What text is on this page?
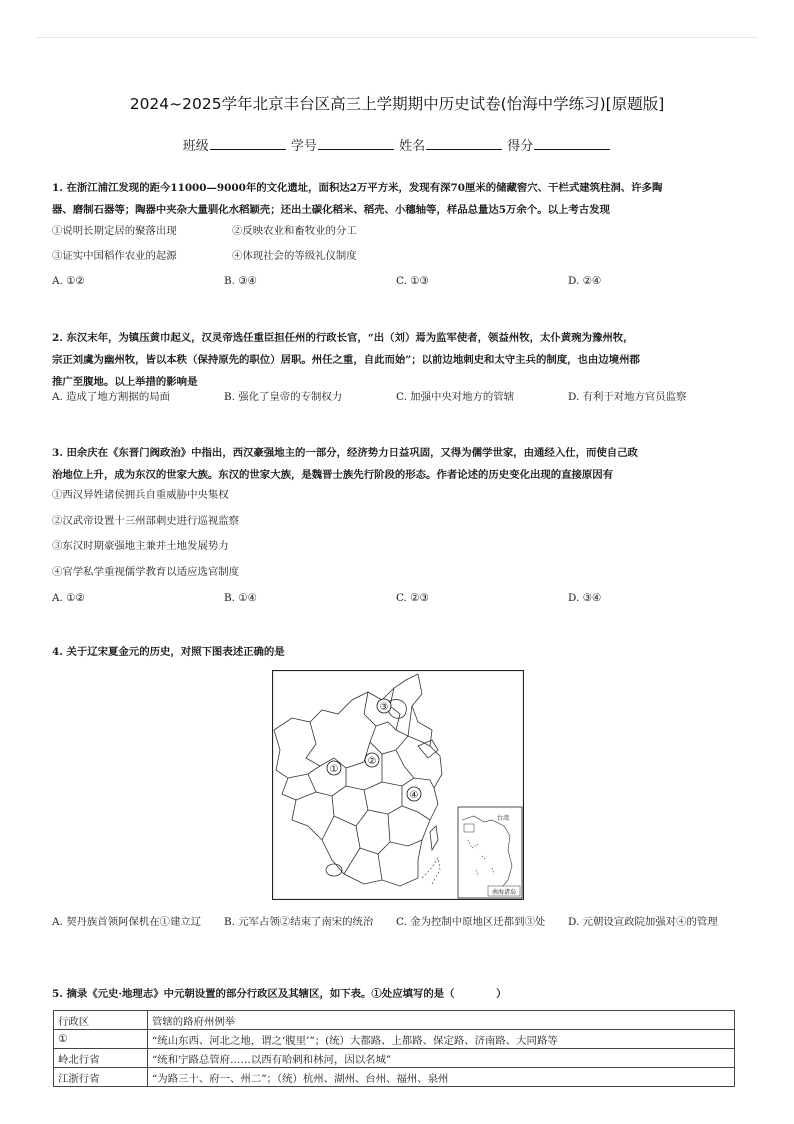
2024~2025学年北京丰台区高三上学期期中历史试卷(怡海中学练习)[原题版]
班级	学号	姓名	得分
1. 在浙江浦江发现的距今11000—9000年的文化遗址，面积达2万平方米，发现有深70厘米的储藏窖穴、干栏式建筑柱洞、许多陶
器、磨制石器等；陶器中夹杂大量驯化水稻颖壳；还出土碳化稻米、稻壳、小穗轴等，样品总量达5万余个。以上考古发现
①说明长期定居的聚落出现	②反映农业和畜牧业的分工
③证实中国稻作农业的起源	④体现社会的等级礼仪制度
A. ①②	B. ③④	C. ①③	D. ②④
2. 东汉末年，为镇压黄巾起义，汉灵帝选任重臣担任州的行政长官，“出（刘）焉为监军使者，领益州牧，太仆黄琬为豫州牧，
宗正刘虞为幽州牧，皆以本秩（保持原先的职位）居职。州任之重，自此而始”；以前边地刺史和太守主兵的制度，也由边境州郡
推广至腹地。以上举措的影响是
A. 造成了地方割据的局面	B. 强化了皇帝的专制权力	C. 加强中央对地方的管辖	D. 有利于对地方官员监察
3. 田余庆在《东晋门阀政治》中指出，西汉豪强地主的一部分，经济势力日益巩固，又得为儒学世家，由通经入仕，而使自己政
治地位上升，成为东汉的世家大族。东汉的世家大族，是魏晋士族先行阶段的形态。作者论述的历史变化出现的直接原因有
①西汉异姓诸侯拥兵自重威胁中央集权
②汉武帝设置十三州部刺史进行巡视监察
③东汉时期豪强地主兼并土地发展势力
④官学私学重视儒学教育以适应选官制度
A. ①②	B. ①④	C. ②③	D. ③④
4. 关于辽宋夏金元的历史，对照下图表述正确的是
①
②
③
④
台湾
南海诸岛
A. 契丹族首领阿保机在①建立辽 B. 元军占领②结束了南宋的统治 C. 金为控制中原地区迁都到③处 D. 元朝设宣政院加强对④的管理
5. 摘录《元史·地理志》中元朝设置的部分行政区及其辖区，如下表。①处应填写的是（　　　　）
行政区	管辖的路府州例举
①	“统山东西、河北之地，谓之‘腹里’”；(统）大都路、上都路、保定路、济南路、大同路等
岭北行省	“统和宁路总管府……以西有哈剌和林河，因以名城”
江浙行省	“为路三十、府一、州二”；（统）杭州、湖州、台州、福州、泉州
